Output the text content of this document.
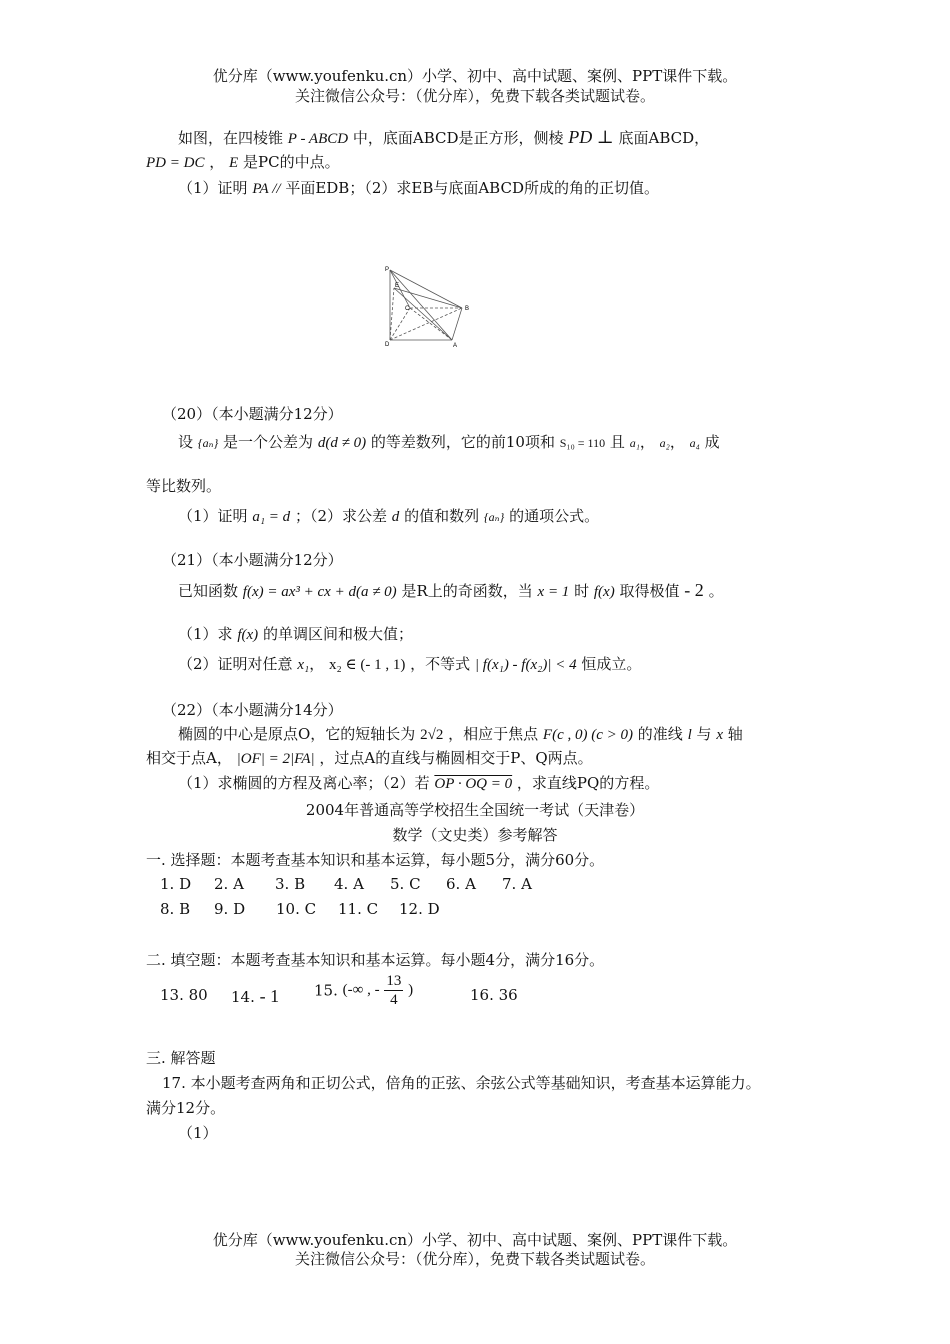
优分库（www.youfenku.cn）小学、初中、高中试题、案例、PPT课件下载。
关注微信公众号：（优分库），免费下载各类试题试卷。
如图，在四棱锥 P - ABCD 中，底面ABCD是正方形，侧棱 PD ⊥ 底面ABCD，
PD = DC ， E 是PC的中点。
（1）证明 PA // 平面EDB；（2）求EB与底面ABCD所成的角的正切值。
P
E
C	B
D	A
（20）（本小题满分12分）
设 {aₙ} 是一个公差为 d(d ≠ 0) 的等差数列，它的前10项和 S₁₀ = 110 且 a₁， a₂， a₄ 成
等比数列。
（1）证明 a₁ = d ；（2）求公差 d 的值和数列 {aₙ} 的通项公式。
（21）（本小题满分12分）
已知函数 f(x) = ax³ + cx + d(a ≠ 0) 是R上的奇函数，当 x = 1 时 f(x) 取得极值 - 2 。
（1）求 f(x) 的单调区间和极大值；
（2）证明对任意 x₁， x₂ ∈ (- 1 , 1) ，不等式 | f(x₁) - f(x₂)| < 4 恒成立。
（22）（本小题满分14分）
椭圆的中心是原点O，它的短轴长为 2√2 ，相应于焦点 F(c , 0) (c > 0) 的准线 l 与 x 轴
相交于点A， |OF| = 2|FA| ，过点A的直线与椭圆相交于P、Q两点。
（1）求椭圆的方程及离心率；（2）若 OP · OQ = 0 ，求直线PQ的方程。
2004年普通高等学校招生全国统一考试（天津卷）
数学（文史类）参考解答
一. 选择题：本题考查基本知识和基本运算，每小题5分，满分60分。
1. D 2. A 3. B 4. A 5. C 6. A 7. A
8. B 9. D 10. C 11. C 12. D
二. 填空题：本题考查基本知识和基本运算。每小题4分，满分16分。
13. 80 14. - 1 15. (-∞ , - $\frac{13}{4}$ )	16. 36
三. 解答题
17. 本小题考查两角和正切公式，倍角的正弦、余弦公式等基础知识，考查基本运算能力。
满分12分。
（1）
优分库（www.youfenku.cn）小学、初中、高中试题、案例、PPT课件下载。
关注微信公众号：（优分库），免费下载各类试题试卷。
